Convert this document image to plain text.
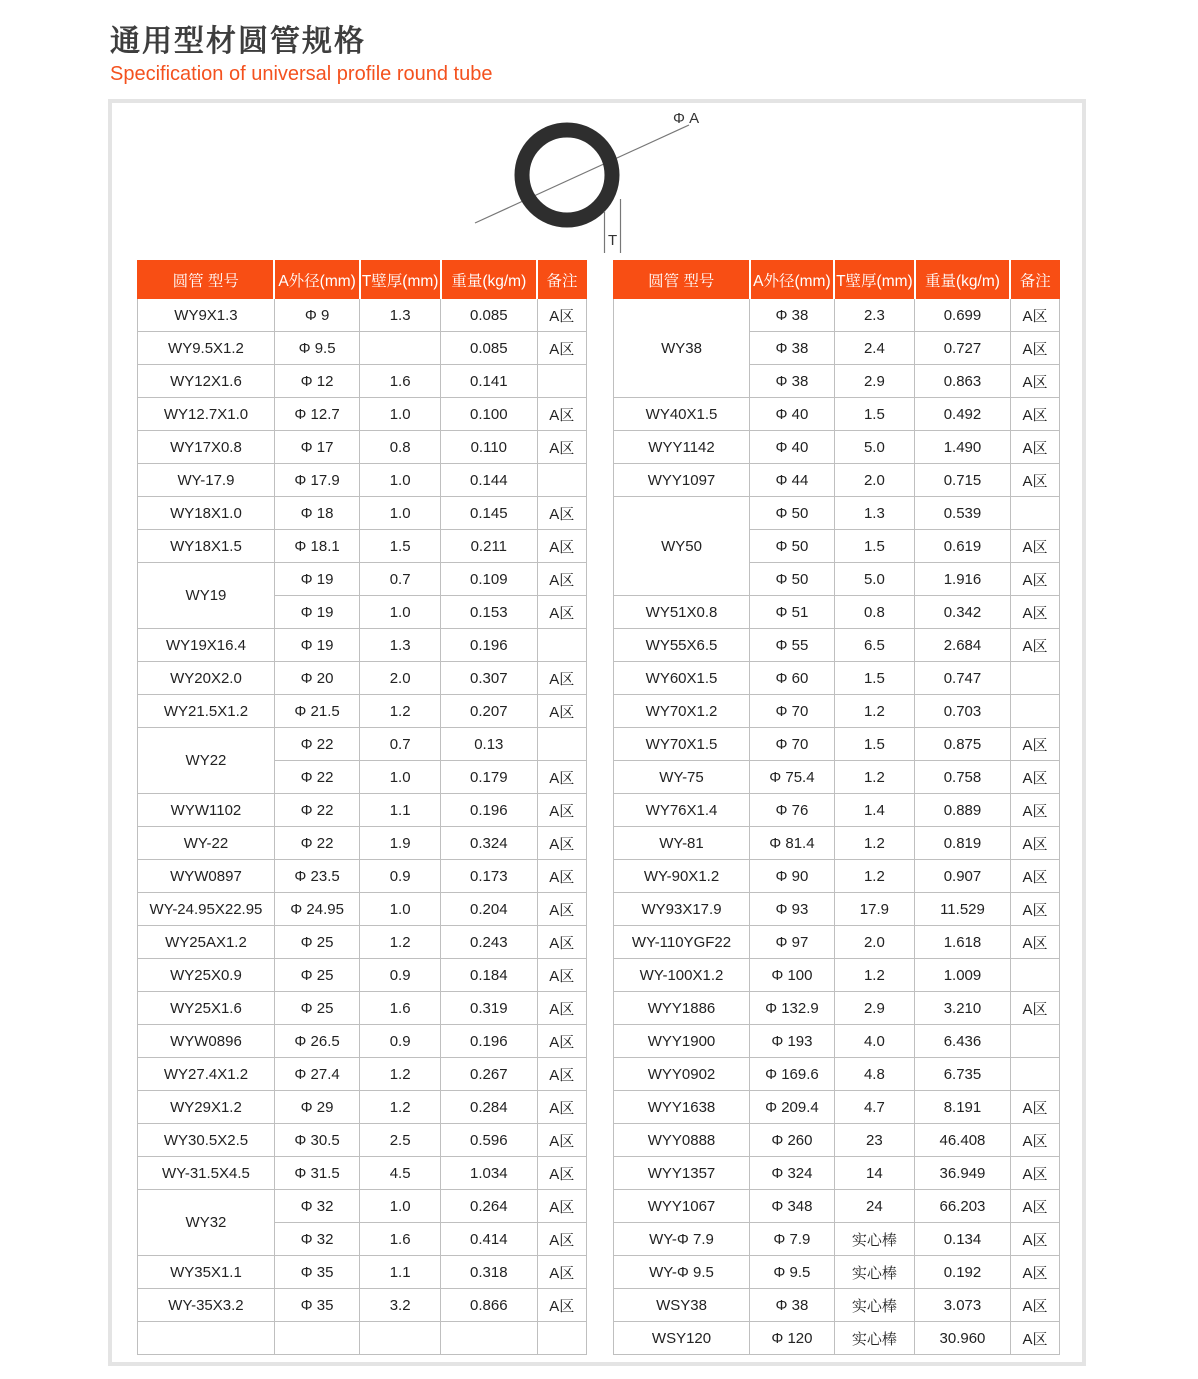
通用型材圆管规格
Specification of universal profile round tube
Φ A
T
圆管 型号	A外径(mm)	T壁厚(mm)	重量(kg/m)	备注
WY9X1.3	Φ 9	1.3	0.085	A区
WY9.5X1.2	Φ 9.5		0.085	A区
WY12X1.6	Φ 12	1.6	0.141	
WY12.7X1.0	Φ 12.7	1.0	0.100	A区
WY17X0.8	Φ 17	0.8	0.110	A区
WY-17.9	Φ 17.9	1.0	0.144	
WY18X1.0	Φ 18	1.0	0.145	A区
WY18X1.5	Φ 18.1	1.5	0.211	A区
WY19	Φ 19	0.7	0.109	A区
	Φ 19	1.0	0.153	A区
WY19X16.4	Φ 19	1.3	0.196	
WY20X2.0	Φ 20	2.0	0.307	A区
WY21.5X1.2	Φ 21.5	1.2	0.207	A区
WY22	Φ 22	0.7	0.13	
	Φ 22	1.0	0.179	A区
WYW1102	Φ 22	1.1	0.196	A区
WY-22	Φ 22	1.9	0.324	A区
WYW0897	Φ 23.5	0.9	0.173	A区
WY-24.95X22.95	Φ 24.95	1.0	0.204	A区
WY25AX1.2	Φ 25	1.2	0.243	A区
WY25X0.9	Φ 25	0.9	0.184	A区
WY25X1.6	Φ 25	1.6	0.319	A区
WYW0896	Φ 26.5	0.9	0.196	A区
WY27.4X1.2	Φ 27.4	1.2	0.267	A区
WY29X1.2	Φ 29	1.2	0.284	A区
WY30.5X2.5	Φ 30.5	2.5	0.596	A区
WY-31.5X4.5	Φ 31.5	4.5	1.034	A区
WY32	Φ 32	1.0	0.264	A区
	Φ 32	1.6	0.414	A区
WY35X1.1	Φ 35	1.1	0.318	A区
WY-35X3.2	Φ 35	3.2	0.866	A区

圆管 型号	A外径(mm)	T壁厚(mm)	重量(kg/m)	备注
WY38	Φ 38	2.3	0.699	A区
	Φ 38	2.4	0.727	A区
	Φ 38	2.9	0.863	A区
WY40X1.5	Φ 40	1.5	0.492	A区
WYY1142	Φ 40	5.0	1.490	A区
WYY1097	Φ 44	2.0	0.715	A区
WY50	Φ 50	1.3	0.539	
	Φ 50	1.5	0.619	A区
	Φ 50	5.0	1.916	A区
WY51X0.8	Φ 51	0.8	0.342	A区
WY55X6.5	Φ 55	6.5	2.684	A区
WY60X1.5	Φ 60	1.5	0.747	
WY70X1.2	Φ 70	1.2	0.703	
WY70X1.5	Φ 70	1.5	0.875	A区
WY-75	Φ 75.4	1.2	0.758	A区
WY76X1.4	Φ 76	1.4	0.889	A区
WY-81	Φ 81.4	1.2	0.819	A区
WY-90X1.2	Φ 90	1.2	0.907	A区
WY93X17.9	Φ 93	17.9	11.529	A区
WY-110YGF22	Φ 97	2.0	1.618	A区
WY-100X1.2	Φ 100	1.2	1.009	
WYY1886	Φ 132.9	2.9	3.210	A区
WYY1900	Φ 193	4.0	6.436	
WYY0902	Φ 169.6	4.8	6.735	
WYY1638	Φ 209.4	4.7	8.191	A区
WYY0888	Φ 260	23	46.408	A区
WYY1357	Φ 324	14	36.949	A区
WYY1067	Φ 348	24	66.203	A区
WY-Φ 7.9	Φ 7.9	实心棒	0.134	A区
WY-Φ 9.5	Φ 9.5	实心棒	0.192	A区
WSY38	Φ 38	实心棒	3.073	A区
WSY120	Φ 120	实心棒	30.960	A区
